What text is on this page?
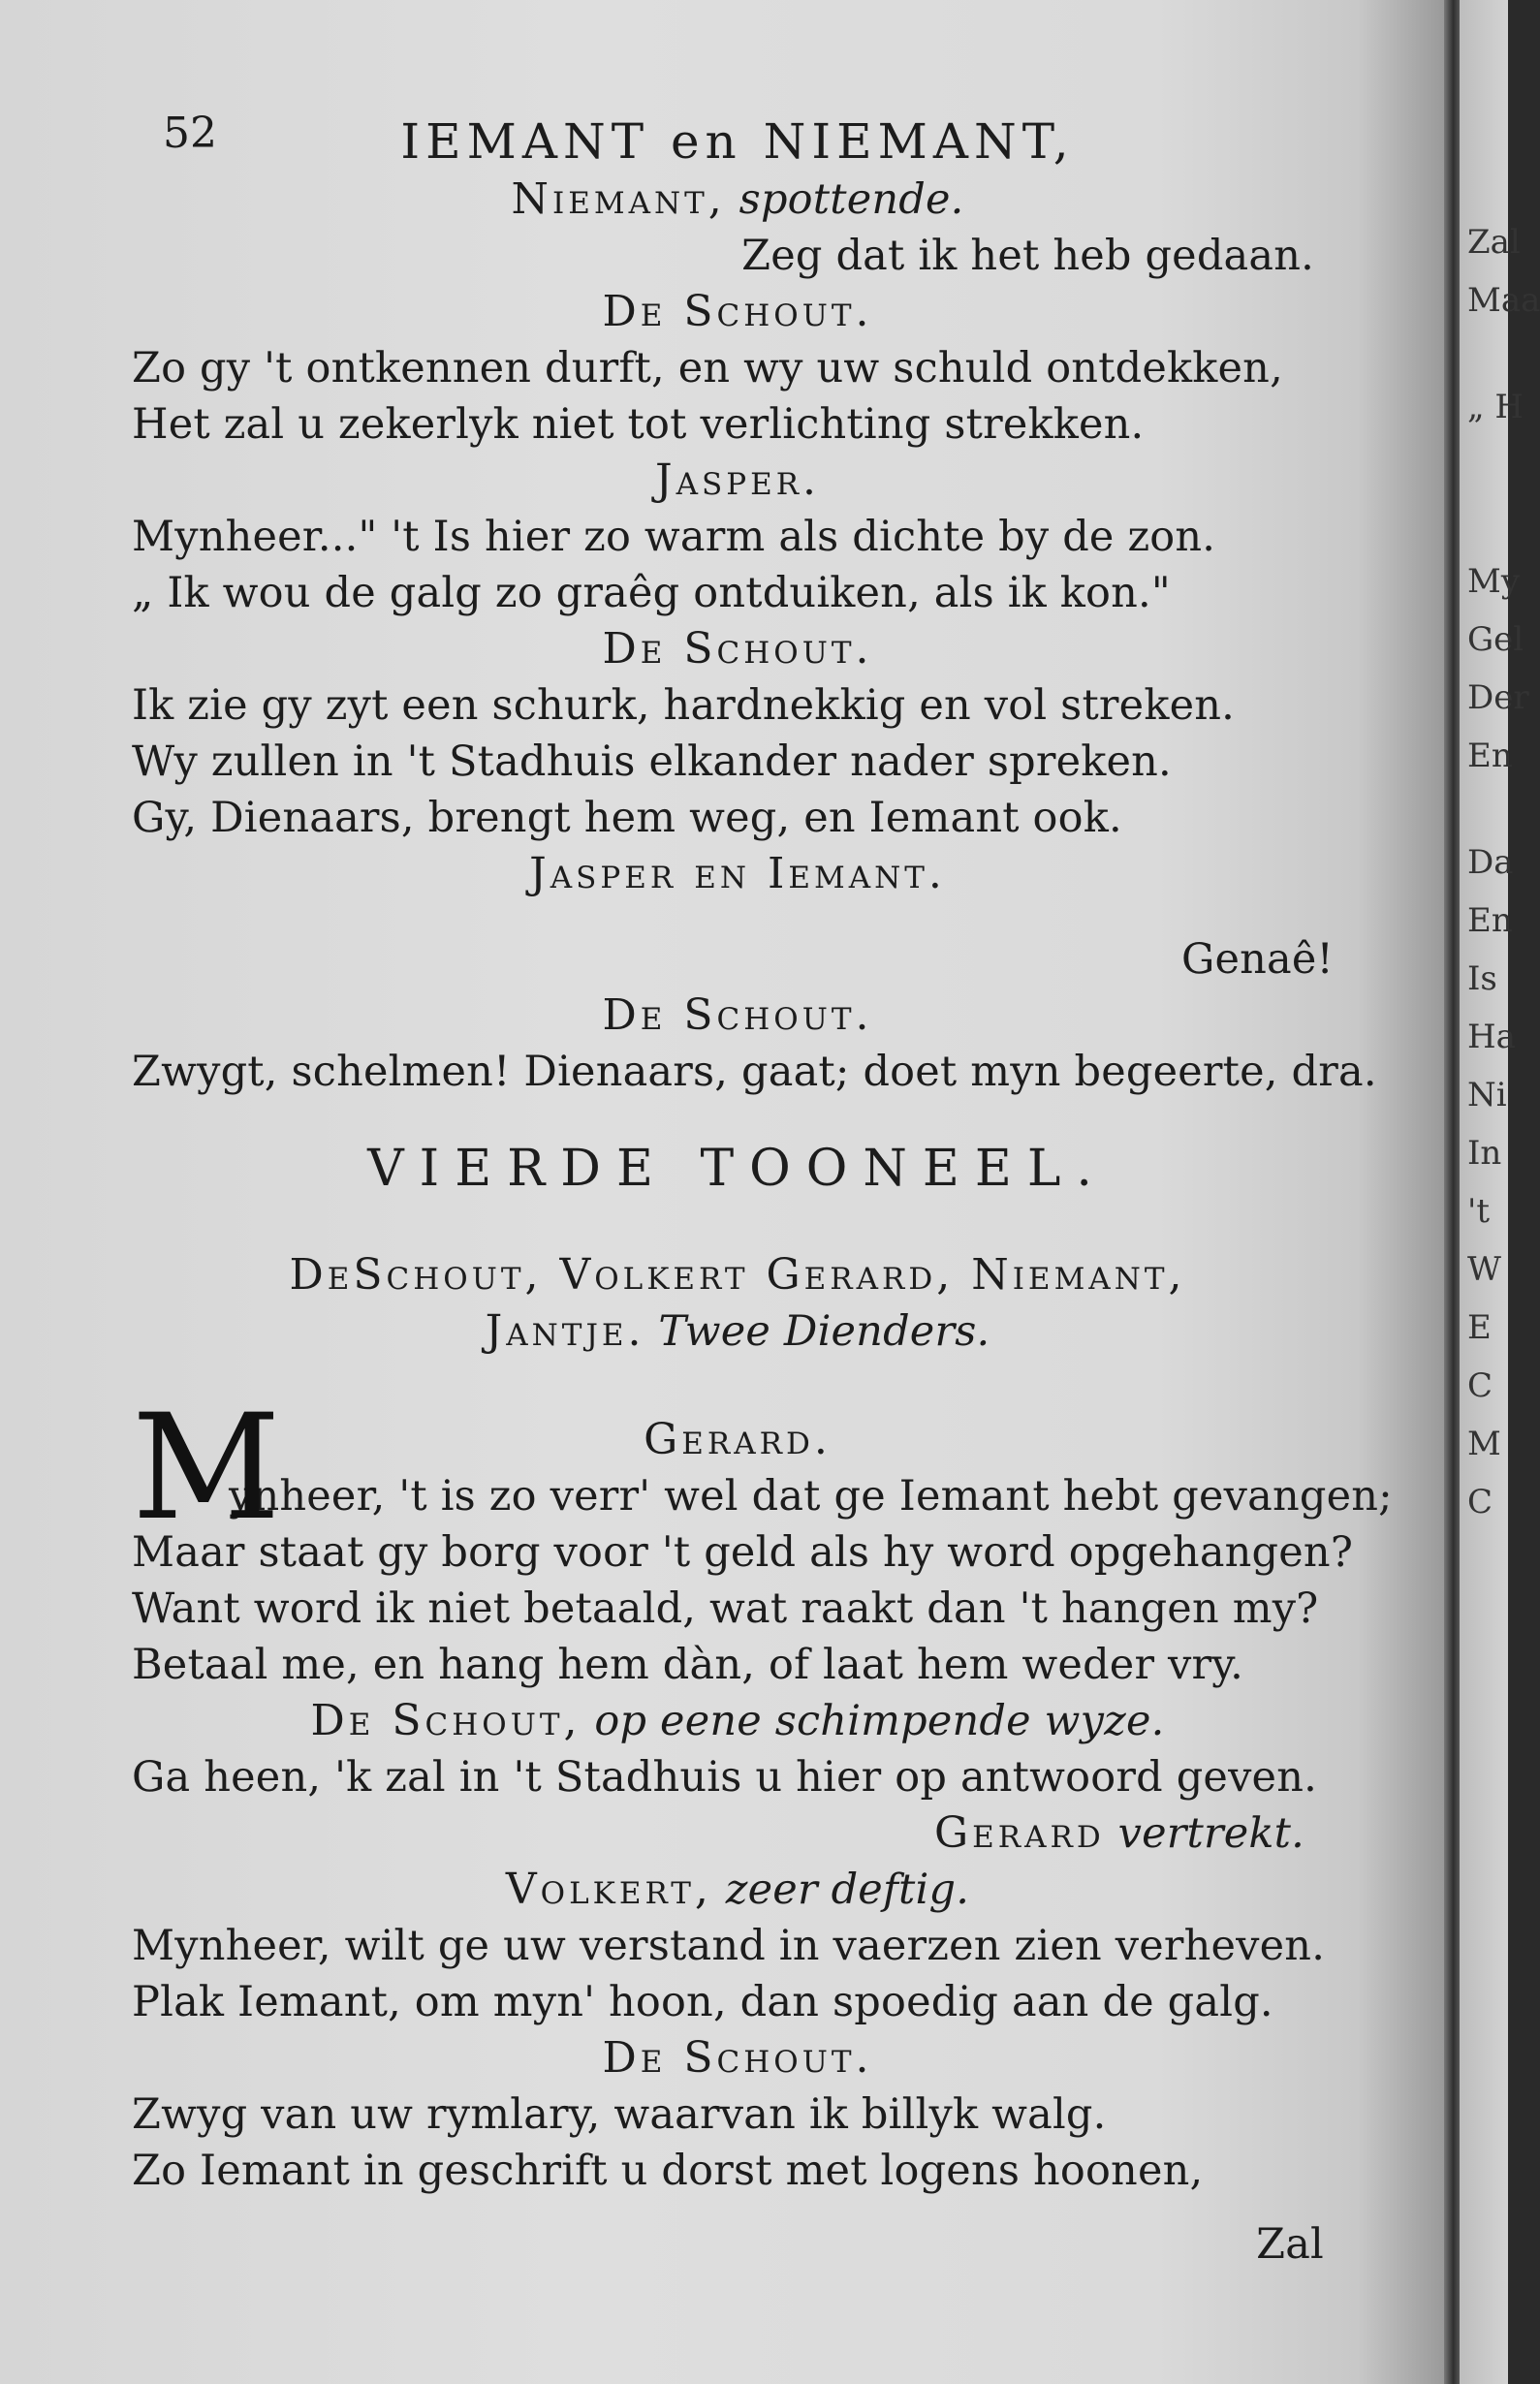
52	IEMANT en NIEMANT,
Niemant, spottende.
Zeg dat ik het heb gedaan.
De Schout.
Zo gy 't ontkennen durft, en wy uw schuld ontdekken,
Het zal u zekerlyk niet tot verlichting strekken.
Jasper.
Mynheer..." 't Is hier zo warm als dichte by de zon.
„ Ik wou de galg zo graêg ontduiken, als ik kon."
De Schout.
Ik zie gy zyt een schurk, hardnekkig en vol streken.
Wy zullen in 't Stadhuis elkander nader spreken.
Gy, Dienaars, brengt hem weg, en Iemant ook.
Jasper en Iemant.
Genaê!
De Schout.
Zwygt, schelmen! Dienaars, gaat; doet myn begeerte, dra.
VIERDE TOONEEL.
DeSchout, Volkert Gerard, Niemant,
Jantje. Twee Dienders.
Gerard.
ynheer, 't is zo verr' wel dat ge Iemant hebt gevangen;
Maar staat gy borg voor 't geld als hy word opgehangen?
Want word ik niet betaald, wat raakt dan 't hangen my?
Betaal me, en hang hem dàn, of laat hem weder vry.
De Schout, op eene schimpende wyze.
Ga heen, 'k zal in 't Stadhuis u hier op antwoord geven.
Gerard vertrekt.
Volkert, zeer deftig.
Mynheer, wilt ge uw verstand in vaerzen zien verheven.
Plak Iemant, om myn' hoon, dan spoedig aan de galg.
De Schout.
Zwyg van uw rymlary, waarvan ik billyk walg.
Zo Iemant in geschrift u dorst met logens hoonen,
Zal
M
Zal
Maa
„ H
My
Gel
Der
En
Da
En
Is
Ha
Ni
In
't
W
E
C
M
C
